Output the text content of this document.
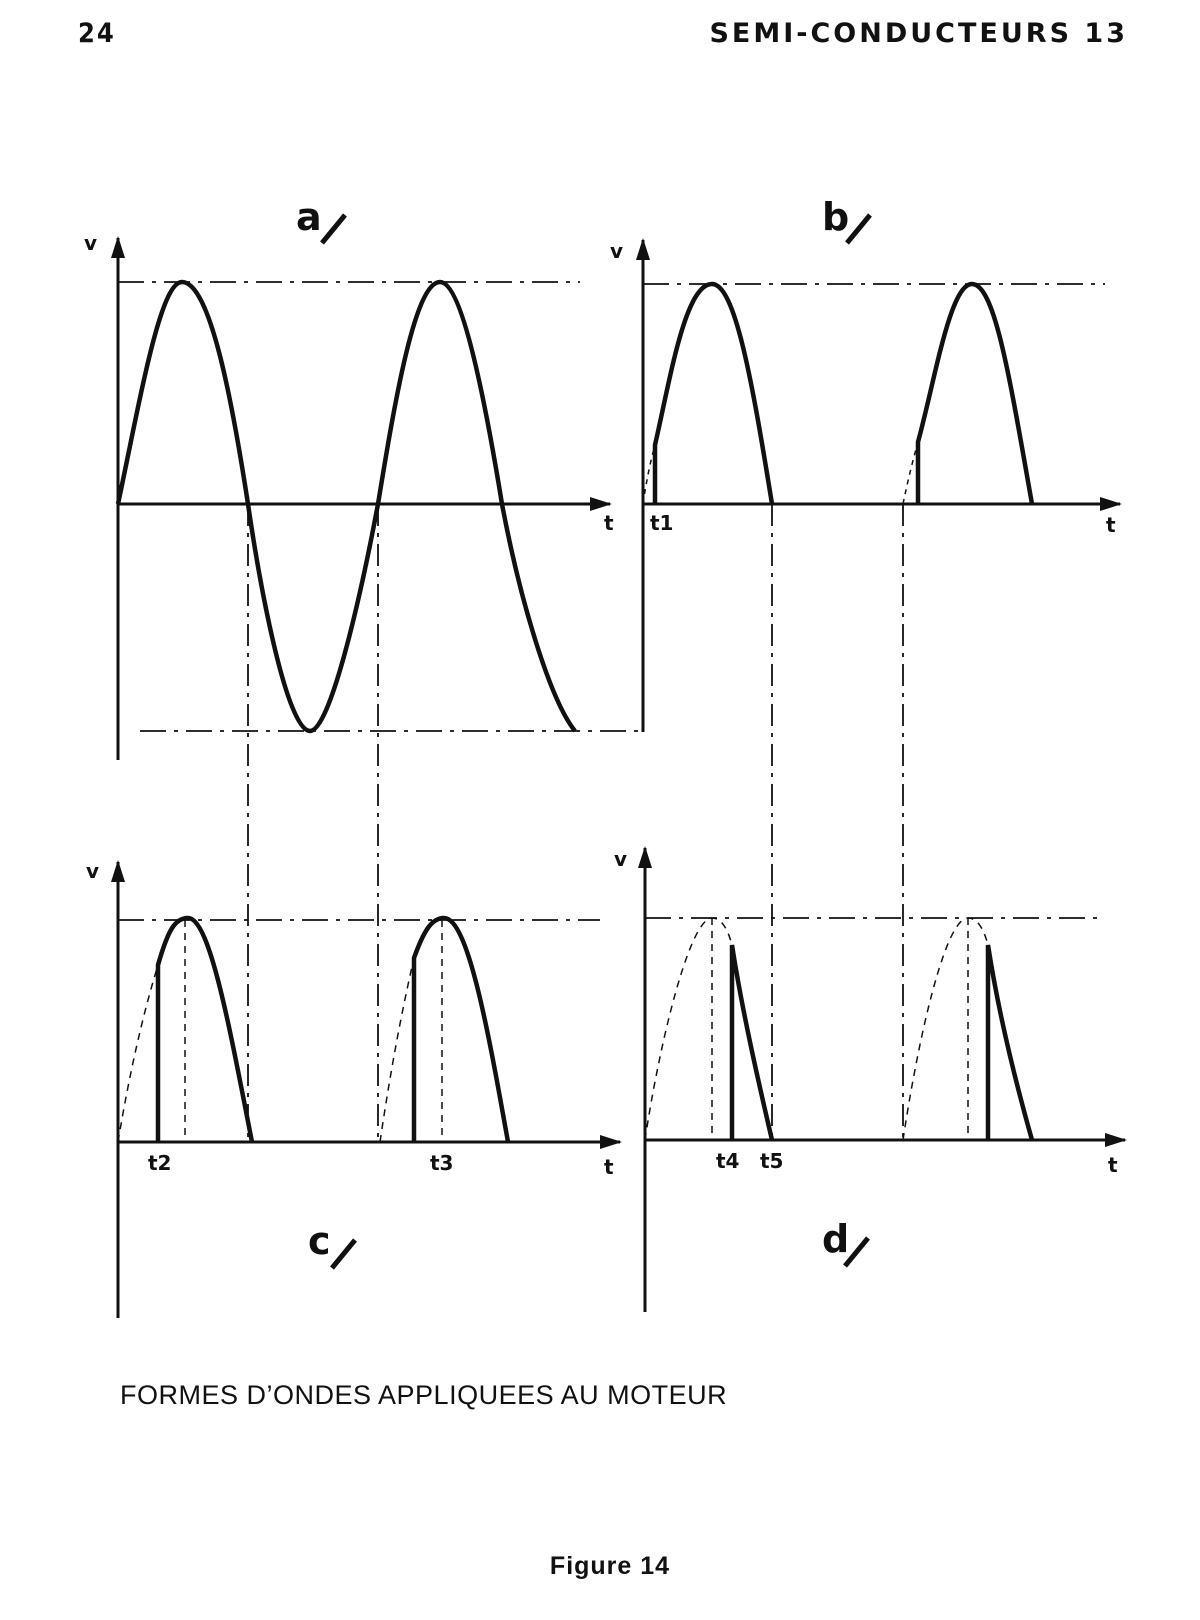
24	SEMI-CONDUCTEURS 13
a	b
c	d
v
t
v
t
v
t
v
t
t1
t2	t3	t4 t5
FORMES D’ONDES APPLIQUEES AU MOTEUR
Figure 14
